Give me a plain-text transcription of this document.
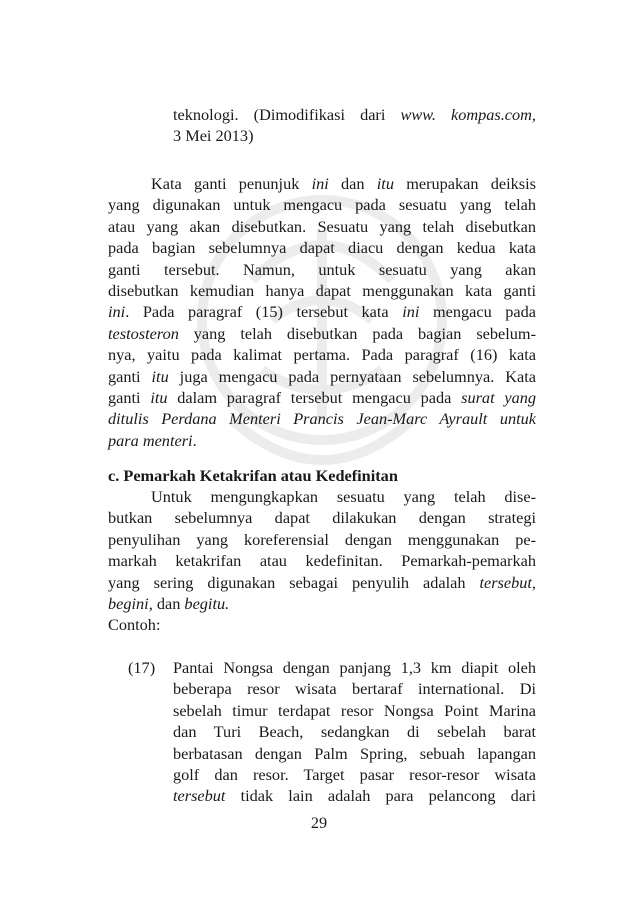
teknologi. (Dimodifikasi dari www. kompas.com,
3 Mei 2013)
Kata ganti penunjuk ini dan itu merupakan deiksis
yang digunakan untuk mengacu pada sesuatu yang telah
atau yang akan disebutkan. Sesuatu yang telah disebutkan
pada bagian sebelumnya dapat diacu dengan kedua kata
ganti tersebut. Namun, untuk sesuatu yang akan
disebutkan kemudian hanya dapat menggunakan kata ganti
ini. Pada paragraf (15) tersebut kata ini mengacu pada
testosteron yang telah disebutkan pada bagian sebelum-
nya, yaitu pada kalimat pertama. Pada paragraf (16) kata
ganti itu juga mengacu pada pernyataan sebelumnya. Kata
ganti itu dalam paragraf tersebut mengacu pada surat yang
ditulis Perdana Menteri Prancis Jean-Marc Ayrault untuk
para menteri.
c. Pemarkah Ketakrifan atau Kedefinitan
Untuk mengungkapkan sesuatu yang telah dise-
butkan sebelumnya dapat dilakukan dengan strategi
penyulihan yang koreferensial dengan menggunakan pe-
markah ketakrifan atau kedefinitan. Pemarkah-pemarkah
yang sering digunakan sebagai penyulih adalah tersebut,
begini, dan begitu.
Contoh:
(17) Pantai Nongsa dengan panjang 1,3 km diapit oleh
beberapa resor wisata bertaraf international. Di
sebelah timur terdapat resor Nongsa Point Marina
dan Turi Beach, sedangkan di sebelah barat
berbatasan dengan Palm Spring, sebuah lapangan
golf dan resor. Target pasar resor-resor wisata
tersebut tidak lain adalah para pelancong dari
29
